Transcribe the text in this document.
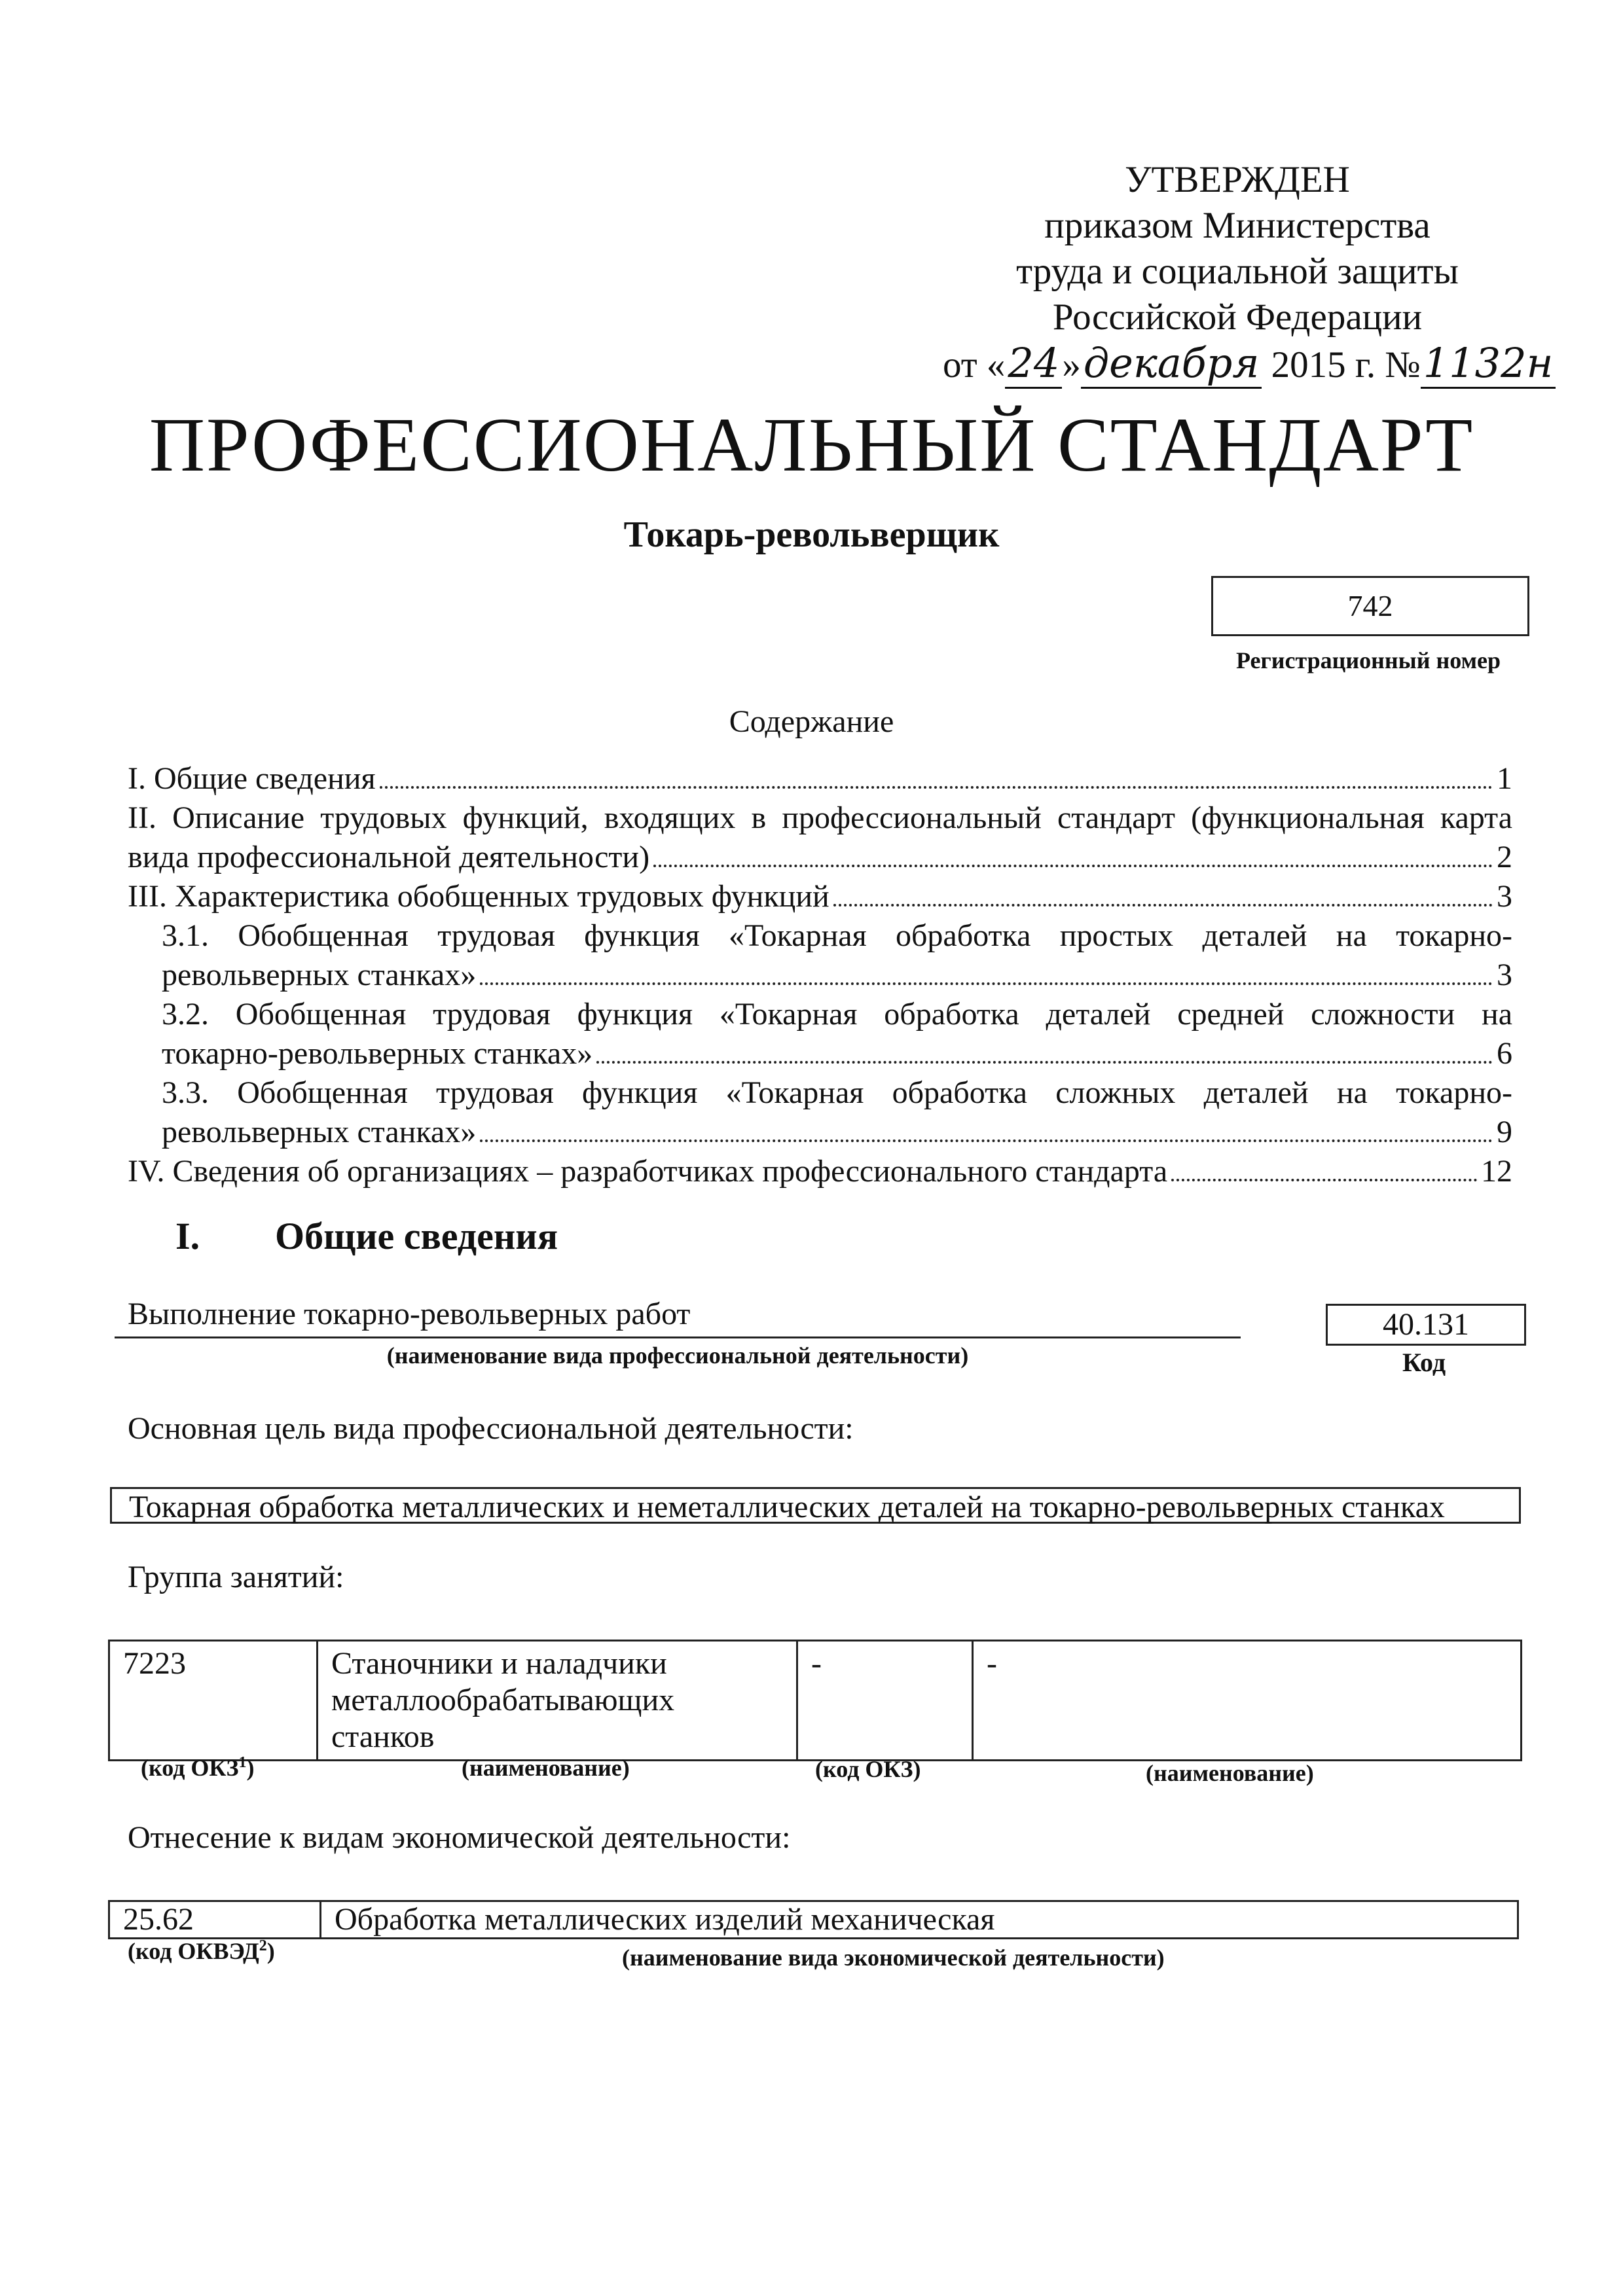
УТВЕРЖДЕН
приказом Министерства
труда и социальной защиты
Российской Федерации
от «24»декабря 2015 г. №1132н
ПРОФЕССИОНАЛЬНЫЙ СТАНДАРТ
Токарь-револьверщик
742
Регистрационный номер
Содержание
I. Общие сведения	1
II. Описание трудовых функций, входящих в профессиональный стандарт (функциональная карта
вида профессиональной деятельности)	2
III. Характеристика обобщенных трудовых функций	3
3.1. Обобщенная трудовая функция «Токарная обработка простых деталей на токарно-
револьверных станках»	3
3.2. Обобщенная трудовая функция «Токарная обработка деталей средней сложности на
токарно-револьверных станках»	6
3.3. Обобщенная трудовая функция «Токарная обработка сложных деталей на токарно-
револьверных станках»	9
IV. Сведения об организациях – разработчиках профессионального стандарта	12
I. Общие сведения
Выполнение токарно-револьверных работ
(наименование вида профессиональной деятельности)
40.131
Код
Основная цель вида профессиональной деятельности:
Токарная обработка металлических и неметаллических деталей на токарно-револьверных станках
Группа занятий:
7223	Станочники и наладчики металлообрабатывающих станков	-	-
(код ОКЗ$^1$)	(наименование)	(код ОКЗ)	(наименование)
Отнесение к видам экономической деятельности:
25.62	Обработка металлических изделий механическая
(код ОКВЭД$^2$)	(наименование вида экономической деятельности)
